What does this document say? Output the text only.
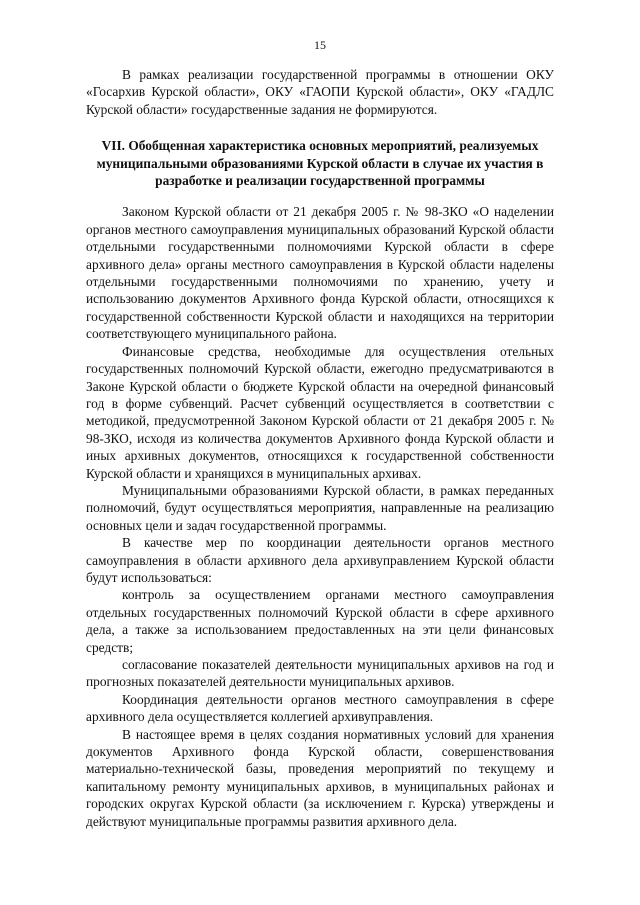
15

В рамках реализации государственной программы в отношении ОКУ «Госархив Курской области», ОКУ «ГАОПИ Курской области», ОКУ «ГАДЛС Курской области» государственные задания не формируются.

VII. Обобщенная характеристика основных мероприятий, реализуемых муниципальными образованиями Курской области в случае их участия в разработке и реализации государственной программы

Законом Курской области от 21 декабря 2005 г. № 98-ЗКО «О наделении органов местного самоуправления муниципальных образований Курской области отдельными государственными полномочиями Курской области в сфере архивного дела» органы местного самоуправления в Курской области наделены отдельными государственными полномочиями по хранению, учету и использованию документов Архивного фонда Курской области, относящихся к государственной собственности Курской области и находящихся на территории соответствующего муниципального района.

Финансовые средства, необходимые для осуществления отельных государственных полномочий Курской области, ежегодно предусматриваются в Законе Курской области о бюджете Курской области на очередной финансовый год в форме субвенций. Расчет субвенций осуществляется в соответствии с методикой, предусмотренной Законом Курской области от 21 декабря 2005 г. № 98-ЗКО, исходя из количества документов Архивного фонда Курской области и иных архивных документов, относящихся к государственной собственности Курской области и хранящихся в муниципальных архивах.

Муниципальными образованиями Курской области, в рамках переданных полномочий, будут осуществляться мероприятия, направленные на реализацию основных цели и задач государственной программы.

В качестве мер по координации деятельности органов местного самоуправления в области архивного дела архивуправлением Курской области будут использоваться:

контроль за осуществлением органами местного самоуправления отдельных государственных полномочий Курской области в сфере архивного дела, а также за использованием предоставленных на эти цели финансовых средств;

согласование показателей деятельности муниципальных архивов на год и прогнозных показателей деятельности муниципальных архивов.

Координация деятельности органов местного самоуправления в сфере архивного дела осуществляется коллегией архивуправления.

В настоящее время в целях создания нормативных условий для хранения документов Архивного фонда Курской области, совершенствования материально-технической базы, проведения мероприятий по текущему и капитальному ремонту муниципальных архивов, в муниципальных районах и городских округах Курской области (за исключением г. Курска) утверждены и действуют муниципальные программы развития архивного дела.
